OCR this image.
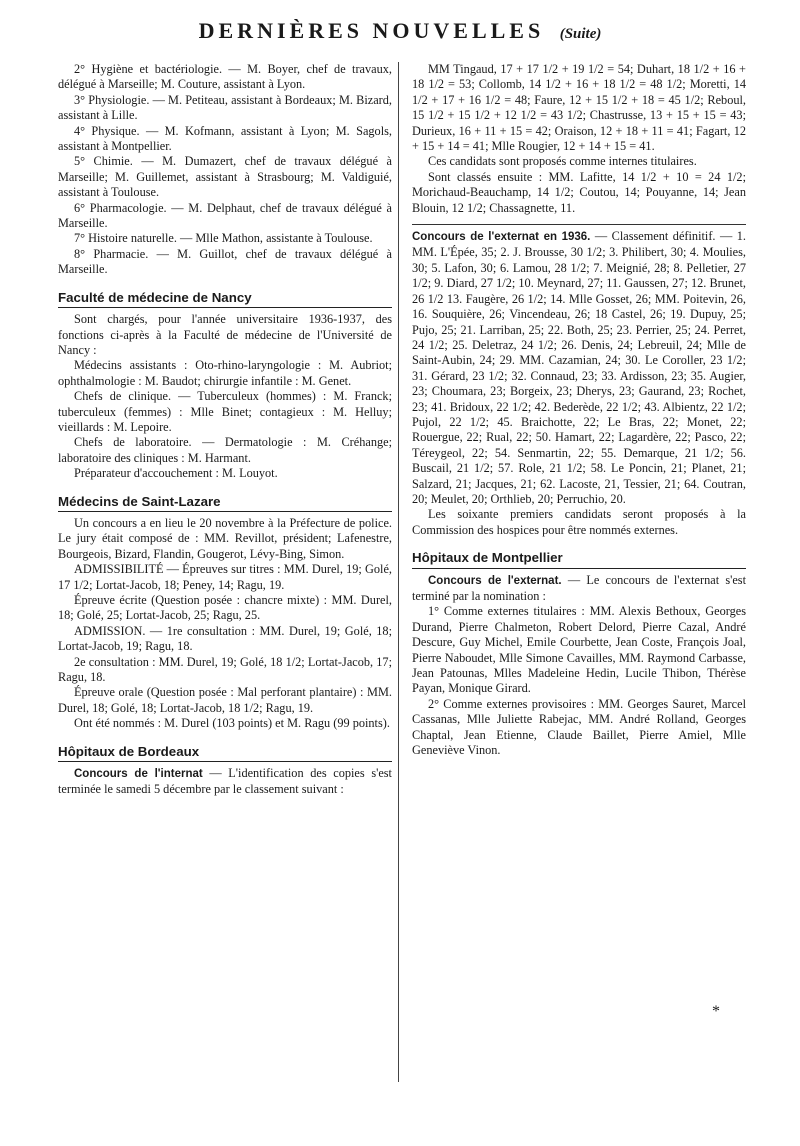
DERNIÈRES NOUVELLES (Suite)

2° Hygiène et bactériologie. — M. Boyer, chef de travaux, délégué à Marseille; M. Couture, assistant à Lyon.

3° Physiologie. — M. Petiteau, assistant à Bordeaux; M. Bizard, assistant à Lille.

4° Physique. — M. Kofmann, assistant à Lyon; M. Sagols, assistant à Montpellier.

5° Chimie. — M. Dumazert, chef de travaux délégué à Marseille; M. Guillemet, assistant à Strasbourg; M. Valdiguié, assistant à Toulouse.

6° Pharmacologie. — M. Delphaut, chef de travaux délégué à Marseille.

7° Histoire naturelle. — Mlle Mathon, assistante à Toulouse.

8° Pharmacie. — M. Guillot, chef de travaux délégué à Marseille.

Faculté de médecine de Nancy

Sont chargés, pour l'année universitaire 1936-1937, des fonctions ci-après à la Faculté de médecine de l'Université de Nancy :

Médecins assistants : Oto-rhino-laryngologie : M. Aubriot; ophthalmologie : M. Baudot; chirurgie infantile : M. Genet.

Chefs de clinique. — Tuberculeux (hommes) : M. Franck; tuberculeux (femmes) : Mlle Binet; contagieux : M. Helluy; vieillards : M. Lepoire.

Chefs de laboratoire. — Dermatologie : M. Créhange; laboratoire des cliniques : M. Harmant.

Préparateur d'accouchement : M. Louyot.

Médecins de Saint-Lazare

Un concours a en lieu le 20 novembre à la Préfecture de police. Le jury était composé de : MM. Revillot, président; Lafenestre, Bourgeois, Bizard, Flandin, Gougerot, Lévy-Bing, Simon.

ADMISSIBILITÉ — Épreuves sur titres : MM. Durel, 19; Golé, 17 1/2; Lortat-Jacob, 18; Peney, 14; Ragu, 19.

Épreuve écrite (Question posée : chancre mixte) : MM. Durel, 18; Golé, 25; Lortat-Jacob, 25; Ragu, 25.

ADMISSION. — 1re consultation : MM. Durel, 19; Golé, 18; Lortat-Jacob, 19; Ragu, 18.

2e consultation : MM. Durel, 19; Golé, 18 1/2; Lortat-Jacob, 17; Ragu, 18.

Épreuve orale (Question posée : Mal perforant plantaire) : MM. Durel, 18; Golé, 18; Lortat-Jacob, 18 1/2; Ragu, 19.

Ont été nommés : M. Durel (103 points) et M. Ragu (99 points).

Hôpitaux de Bordeaux

Concours de l'internat — L'identification des copies s'est terminée le samedi 5 décembre par le classement suivant :

MM Tingaud, 17 + 17 1/2 + 19 1/2 = 54; Duhart, 18 1/2 + 16 + 18 1/2 = 53; Collomb, 14 1/2 + 16 + 18 1/2 = 48 1/2; Moretti, 14 1/2 + 17 + 16 1/2 = 48; Faure, 12 + 15 1/2 + 18 = 45 1/2; Reboul, 15 1/2 + 15 1/2 + 12 1/2 = 43 1/2; Chastrusse, 13 + 15 + 15 = 43; Durieux, 16 + 11 + 15 = 42; Oraison, 12 + 18 + 11 = 41; Fagart, 12 + 15 + 14 = 41; Mlle Rougier, 12 + 14 + 15 = 41.

Ces candidats sont proposés comme internes titulaires.

Sont classés ensuite : MM. Lafitte, 14 1/2 + 10 = 24 1/2; Morichaud-Beauchamp, 14 1/2; Coutou, 14; Pouyanne, 14; Jean Blouin, 12 1/2; Chassagnette, 11.

Concours de l'externat en 1936. — Classement définitif. — 1. MM. L'Épée, 35; 2. J. Brousse, 30 1/2; 3. Philibert, 30; 4. Moulies, 30; 5. Lafon, 30; 6. Lamou, 28 1/2; 7. Meignié, 28; 8. Pelletier, 27 1/2; 9. Diard, 27 1/2; 10. Meynard, 27; 11. Gaussen, 27; 12. Brunet, 26 1/2 13. Faugère, 26 1/2; 14. Mlle Gosset, 26; MM. Poitevin, 26, 16. Souquière, 26; Vincendeau, 26; 18 Castel, 26; 19. Dupuy, 25; Pujo, 25; 21. Larriban, 25; 22. Both, 25; 23. Perrier, 25; 24. Perret, 24 1/2; 25. Deletraz, 24 1/2; 26. Denis, 24; Lebreuil, 24; Mlle de Saint-Aubin, 24; 29. MM. Cazamian, 24; 30. Le Coroller, 23 1/2; 31. Gérard, 23 1/2; 32. Connaud, 23; 33. Ardisson, 23; 35. Augier, 23; Choumara, 23; Borgeix, 23; Dherys, 23; Gaurand, 23; Rochet, 23; 41. Bridoux, 22 1/2; 42. Bederède, 22 1/2; 43. Albientz, 22 1/2; Pujol, 22 1/2; 45. Braichotte, 22; Le Bras, 22; Monet, 22; Rouergue, 22; Rual, 22; 50. Hamart, 22; Lagardère, 22; Pasco, 22; Téreygeol, 22; 54. Senmartin, 22; 55. Demarque, 21 1/2; 56. Buscail, 21 1/2; 57. Role, 21 1/2; 58. Le Poncin, 21; Planet, 21; Salzard, 21; Jacques, 21; 62. Lacoste, 21, Tessier, 21; 64. Coutran, 20; Meulet, 20; Orthlieb, 20; Perruchio, 20.

Les soixante premiers candidats seront proposés à la Commission des hospices pour être nommés externes.

Hôpitaux de Montpellier

Concours de l'externat. — Le concours de l'externat s'est terminé par la nomination :

1° Comme externes titulaires : MM. Alexis Bethoux, Georges Durand, Pierre Chalmeton, Robert Delord, Pierre Cazal, André Descure, Guy Michel, Emile Courbette, Jean Coste, François Joal, Pierre Naboudet, Mlle Simone Cavailles, MM. Raymond Carbasse, Jean Patounas, Mlles Madeleine Hedin, Lucile Thibon, Thérèse Payan, Monique Girard.

2° Comme externes provisoires : MM. Georges Sauret, Marcel Cassanas, Mlle Juliette Rabejac, MM. André Rolland, Georges Chaptal, Jean Etienne, Claude Baillet, Pierre Amiel, Mlle Geneviève Vinon.

*
